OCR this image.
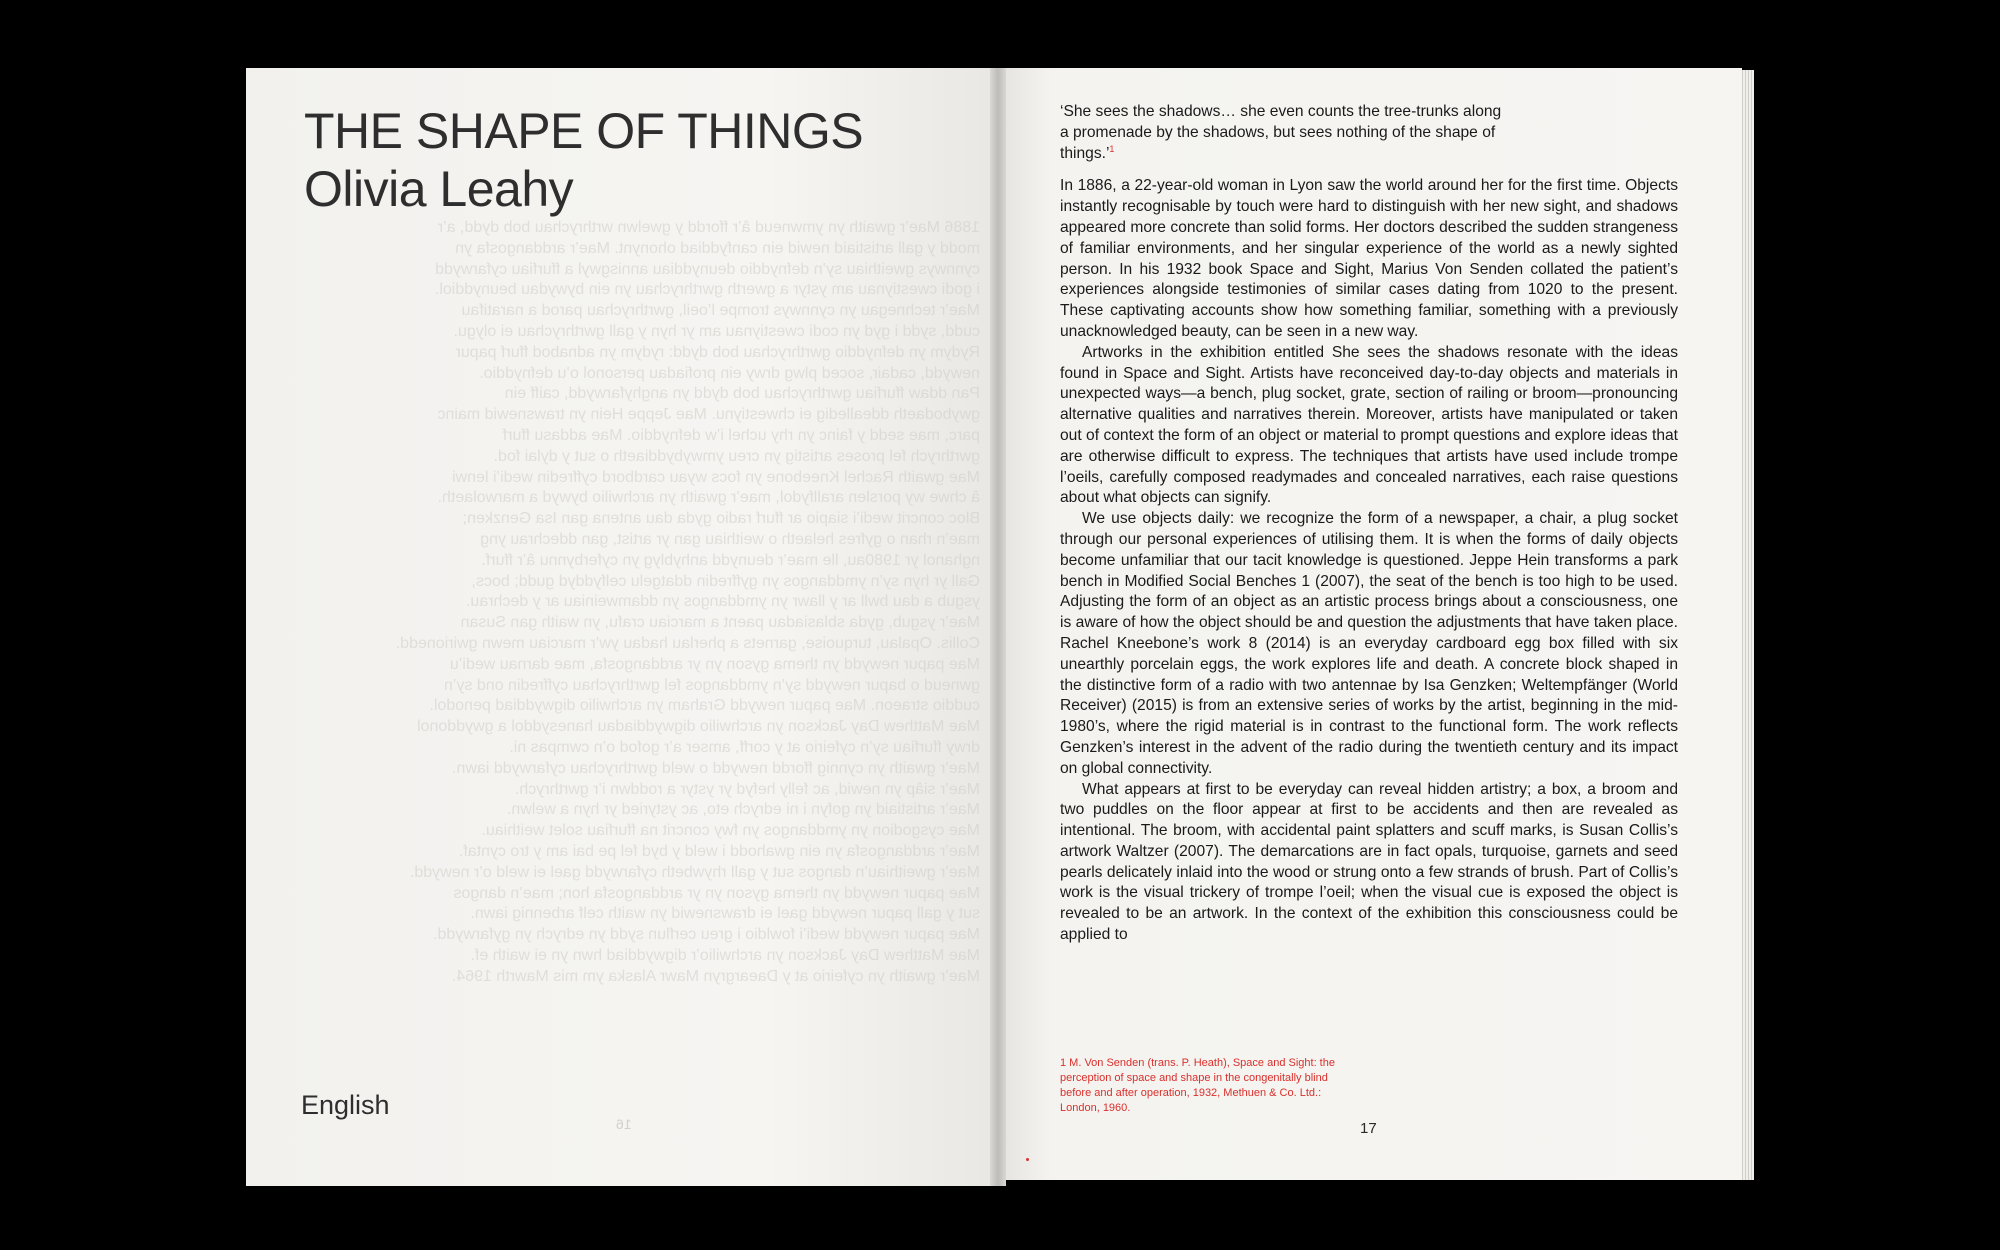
1886 Mae’r gwaith yn ymwneud â’r ffordd y gwelwn wrthrychau bob dydd, a’r

modd y gall artistiaid newid ein canfyddiad ohonynt. Mae’r arddangosfa yn

cynnwys gweithiau sy’n defnyddio deunyddiau annisgwyl a ffurfiau cyfarwydd

i godi cwestiynau am ystyr a gwerth gwrthrychau yn ein bywydau beunyddiol.

Mae’r technegau yn cynnwys trompe l’oeil, gwrthrychau parod a naratifau

cudd, sydd i gyd yn codi cwestiynau am yr hyn y gall gwrthrychau ei olygu.

Rydym yn defnyddio gwrthrychau bob dydd: rydym yn adnabod ffurf papur

newydd, cadair, soced plwg drwy ein profiadau personol o’u defnyddio.

Pan ddaw ffurfiau gwrthrychau bob dydd yn anghyfarwydd, caiff ein

gwybodaeth ddealledig ei chwestiynu. Mae Jeppe Hein yn trawsnewid mainc

parc, mae sedd y fainc yn rhy uchel i’w defnyddio. Mae addasu ffurf

gwrthrych fel proses artistig yn creu ymwybyddiaeth o sut y dylai fod.

Mae gwaith Rachel Kneebone yn focs wyau cardbord cyffredin wedi’i lenwi

â chwe wy porslen arallfydol, mae’r gwaith yn archwilio bywyd a marwolaeth.

Bloc concrit wedi’i siapio ar ffurf radio gyda dau antena gan Isa Genzken;

mae’n rhan o gyfres helaeth o weithiau gan yr artist, gan ddechrau yng

nghanol yr 1980au, lle mae’r deunydd anhyblyg yn cyferbynnu â’r ffurf.

Gall yr hyn sy’n ymddangos yn gyffredin ddatgelu celfyddyd gudd; bocs,

ysgub a dau bwll ar y llawr yn ymddangos yn ddamweiniau ar y dechrau.

Mae’r ysgub, gyda sblasiadau paent a marciau crafu, yn waith gan Susan

Collis. Opalau, turquoise, garnets a pherlau hadau yw’r marciau mewn gwirionedd.

Mae papur newydd yn thema gyson yn yr arddangosfa, mae darnau wedi’u

gwneud o bapur newydd sy’n ymddangos fel gwrthrychau cyffredin ond sy’n

cuddio straeon. Mae papur newydd Graham yn archwilio digwyddiad penodol.

Mae Matthew Day Jackson yn archwilio digwyddiadau hanesyddol a gwyddonol

drwy ffurfiau sy’n cyfeirio at y corff, amser a’r gofod o’n cwmpas ni.

Mae’r gwaith yn cynnig ffordd newydd o weld gwrthrychau cyfarwydd iawn.

Mae’r siâp yn newid, ac felly hefyd yr ystyr a roddwn i’r gwrthrych.

Mae’r artistiaid yn gofyn i ni edrych eto, ac ystyried yr hyn a welwn.

Mae cysgodion yn ymddangos yn fwy concrit na ffurfiau solet weithiau.

Mae’r arddangosfa yn ein gwahodd i weld y byd fel pe bai am y tro cyntaf.

Mae’r gweithiau’n dangos sut y gall rhywbeth cyfarwydd gael ei weld o’r newydd.

Mae papur newydd yn thema gyson yn yr arddangosfa hon; mae’n dangos

sut y gall papur newydd gael ei drawsnewid yn waith celf arbennig iawn.

Mae papur newydd wedi’i fowldio i greu cerflun sydd yn edrych yn gyfarwydd.

Mae Matthew Day Jackson yn archwilio’r digwyddiad hwn yn ei waith ef.

Mae’r gwaith yn cyfeirio at y Daeargryn Mawr Alaska ym mis Mawrth 1964.

THE SHAPE OF THINGS
Olivia Leahy
16
English
‘She sees the shadows… she even counts the tree-trunks along
a promenade by the shadows, but sees nothing of the shape of
things.’$^1$

In 1886, a 22-year-old woman in Lyon saw the world around her for the first time. Objects instantly recognisable by touch were hard to distinguish with her new sight, and shadows appeared more concrete than solid forms. Her doctors described the sudden strangeness of familiar environments, and her singular experience of the world as a newly sighted person. In his 1932 book Space and Sight, Marius Von Senden collated the patient’s experiences alongside testimonies of similar cases dating from 1020 to the present. These captivating accounts show how something familiar, something with a previously unacknowledged beauty, can be seen in a new way.

Artworks in the exhibition entitled She sees the shadows resonate with the ideas found in Space and Sight. Artists have reconceived day-to-day objects and materials in unexpected ways—a bench, plug socket, grate, section of railing or broom—pronouncing alternative qualities and narratives therein. Moreover, artists have manipulated or taken out of context the form of an object or material to prompt questions and explore ideas that are otherwise difficult to express. The techniques that artists have used include trompe l’oeils, carefully composed readymades and concealed narratives, each raise questions about what objects can signify.

We use objects daily: we recognize the form of a newspaper, a chair, a plug socket through our personal experiences of utilising them. It is when the forms of daily objects become unfamiliar that our tacit knowledge is questioned. Jeppe Hein transforms a park bench in Modified Social Benches 1 (2007), the seat of the bench is too high to be used. Adjusting the form of an object as an artistic process brings about a consciousness, one is aware of how the object should be and question the adjustments that have taken place. Rachel Kneebone’s work 8 (2014) is an everyday cardboard egg box filled with six unearthly porcelain eggs, the work explores life and death. A concrete block shaped in the distinctive form of a radio with two antennae by Isa Genzken; Weltempfänger (World Receiver) (2015) is from an extensive series of works by the artist, beginning in the mid-1980’s, where the rigid material is in contrast to the functional form. The work reflects Genzken’s interest in the advent of the radio during the twentieth century and its impact on global connectivity.

What appears at first to be everyday can reveal hidden artistry; a box, a broom and two puddles on the floor appear at first to be accidents and then are revealed as intentional. The broom, with accidental paint splatters and scuff marks, is Susan Collis’s artwork Waltzer (2007). The demarcations are in fact opals, turquoise, garnets and seed pearls delicately inlaid into the wood or strung onto a few strands of brush. Part of Collis’s work is the visual trickery of trompe l’oeil; when the visual cue is exposed the object is revealed to be an artwork. In the context of the exhibition this consciousness could be applied to

1 M. Von Senden (trans. P. Heath), Space and Sight: the perception of space and shape in the congenitally blind before and after operation, 1932, Methuen & Co. Ltd.: London, 1960.
17
